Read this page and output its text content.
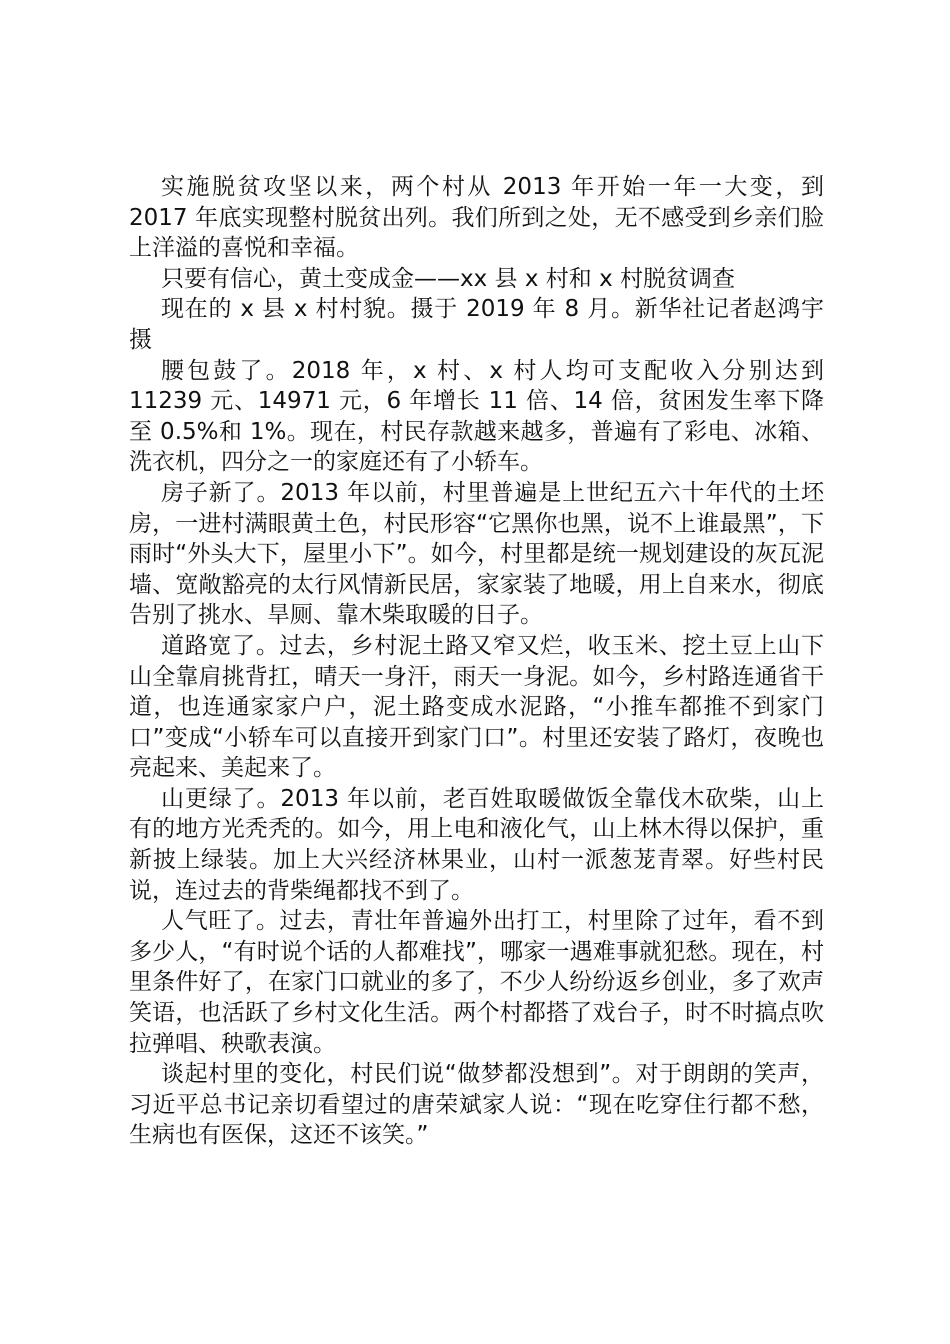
实施脱贫攻坚以来，两个村从 2013 年开始一年一大变，到 2017 年底实现整村脱贫出列。我们所到之处，无不感受到乡亲们脸上洋溢的喜悦和幸福。

只要有信心，黄土变成金——xx 县 x 村和 x 村脱贫调查

现在的 x 县 x 村村貌。摄于 2019 年 8 月。新华社记者赵鸿宇摄

腰包鼓了。2018 年，x 村、x 村人均可支配收入分别达到 11239 元、14971 元，6 年增长 11 倍、14 倍，贫困发生率下降至 0.5%和 1%。现在，村民存款越来越多，普遍有了彩电、冰箱、洗衣机，四分之一的家庭还有了小轿车。

房子新了。2013 年以前，村里普遍是上世纪五六十年代的土坯房，一进村满眼黄土色，村民形容“它黑你也黑，说不上谁最黑”，下雨时“外头大下，屋里小下”。如今，村里都是统一规划建设的灰瓦泥墙、宽敞豁亮的太行风情新民居，家家装了地暖，用上自来水，彻底告别了挑水、旱厕、靠木柴取暖的日子。

道路宽了。过去，乡村泥土路又窄又烂，收玉米、挖土豆上山下山全靠肩挑背扛，晴天一身汗，雨天一身泥。如今，乡村路连通省干道，也连通家家户户，泥土路变成水泥路，“小推车都推不到家门口”变成“小轿车可以直接开到家门口”。村里还安装了路灯，夜晚也亮起来、美起来了。

山更绿了。2013 年以前，老百姓取暖做饭全靠伐木砍柴，山上有的地方光秃秃的。如今，用上电和液化气，山上林木得以保护，重新披上绿装。加上大兴经济林果业，山村一派葱茏青翠。好些村民说，连过去的背柴绳都找不到了。

人气旺了。过去，青壮年普遍外出打工，村里除了过年，看不到多少人，“有时说个话的人都难找”，哪家一遇难事就犯愁。现在，村里条件好了，在家门口就业的多了，不少人纷纷返乡创业，多了欢声笑语，也活跃了乡村文化生活。两个村都搭了戏台子，时不时搞点吹拉弹唱、秧歌表演。

谈起村里的变化，村民们说“做梦都没想到”。对于朗朗的笑声，习近平总书记亲切看望过的唐荣斌家人说：“现在吃穿住行都不愁，生病也有医保，这还不该笑。”
